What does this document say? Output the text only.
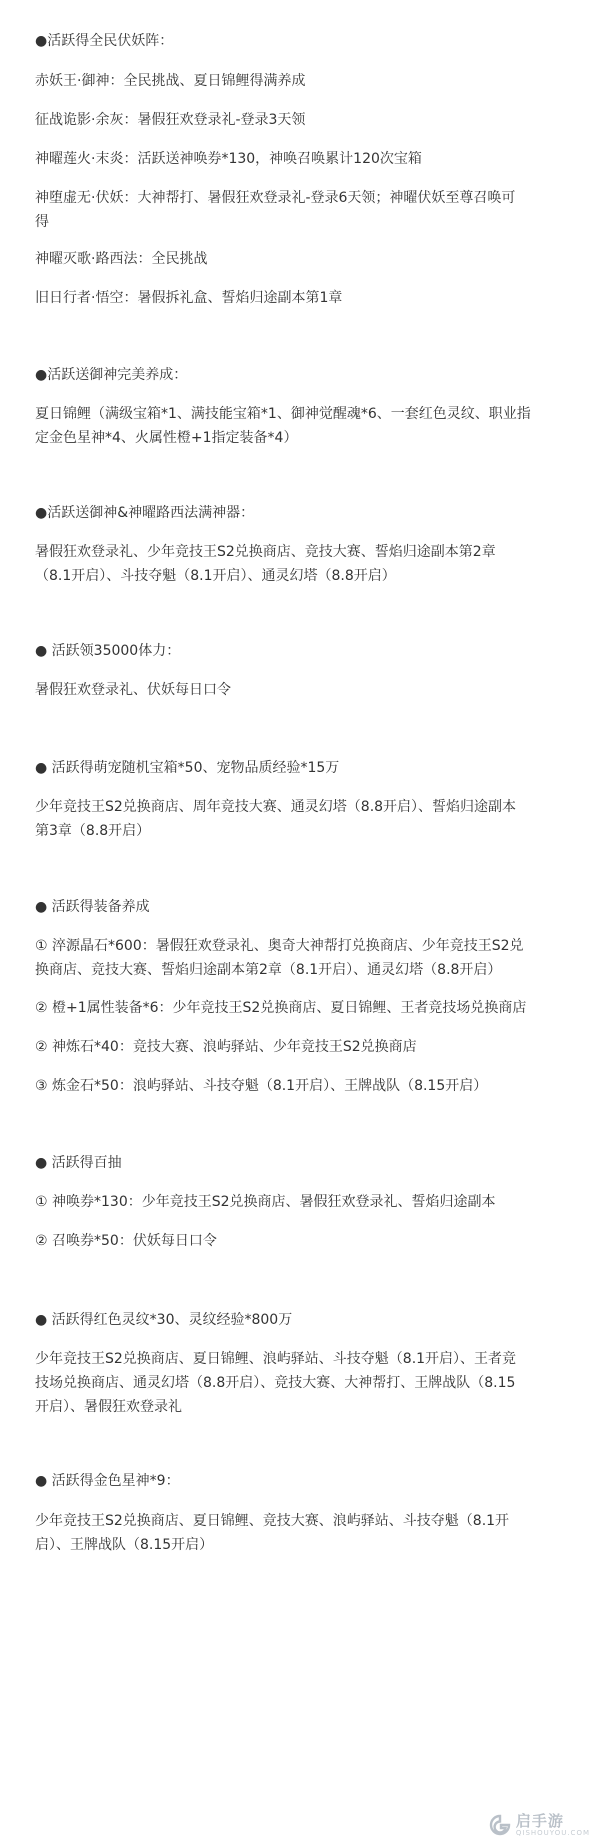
●活跃得全民伏妖阵：
赤妖王·御神：全民挑战、夏日锦鲤得满养成
征战诡影·余灰：暑假狂欢登录礼-登录3天领
神曜莲火·末炎：活跃送神唤券*130，神唤召唤累计120次宝箱
神堕虚无·伏妖：大神帮打、暑假狂欢登录礼-登录6天领；神曜伏妖至尊召唤可
得
神曜灭歌·路西法：全民挑战
旧日行者·悟空：暑假拆礼盒、誓焰归途副本第1章
●活跃送御神完美养成：
夏日锦鲤（满级宝箱*1、满技能宝箱*1、御神觉醒魂*6、一套红色灵纹、职业指
定金色星神*4、火属性橙+1指定装备*4）
●活跃送御神&神曜路西法满神器：
暑假狂欢登录礼、少年竞技王S2兑换商店、竞技大赛、誓焰归途副本第2章
（8.1开启）、斗技夺魁（8.1开启）、通灵幻塔（8.8开启）
● 活跃领35000体力：
暑假狂欢登录礼、伏妖每日口令
● 活跃得萌宠随机宝箱*50、宠物品质经验*15万
少年竞技王S2兑换商店、周年竞技大赛、通灵幻塔（8.8开启）、誓焰归途副本
第3章（8.8开启）
● 活跃得装备养成
① 淬源晶石*600：暑假狂欢登录礼、奥奇大神帮打兑换商店、少年竞技王S2兑
换商店、竞技大赛、誓焰归途副本第2章（8.1开启）、通灵幻塔（8.8开启）
② 橙+1属性装备*6：少年竞技王S2兑换商店、夏日锦鲤、王者竞技场兑换商店
② 神炼石*40：竞技大赛、浪屿驿站、少年竞技王S2兑换商店
③ 炼金石*50：浪屿驿站、斗技夺魁（8.1开启）、王牌战队（8.15开启）
● 活跃得百抽
① 神唤券*130：少年竞技王S2兑换商店、暑假狂欢登录礼、誓焰归途副本
② 召唤券*50：伏妖每日口令
● 活跃得红色灵纹*30、灵纹经验*800万
少年竞技王S2兑换商店、夏日锦鲤、浪屿驿站、斗技夺魁（8.1开启）、王者竞
技场兑换商店、通灵幻塔（8.8开启）、竞技大赛、大神帮打、王牌战队（8.15
开启）、暑假狂欢登录礼
● 活跃得金色星神*9：
少年竞技王S2兑换商店、夏日锦鲤、竞技大赛、浪屿驿站、斗技夺魁（8.1开
启）、王牌战队（8.15开启）
启手游
QISHOUYOU.COM
